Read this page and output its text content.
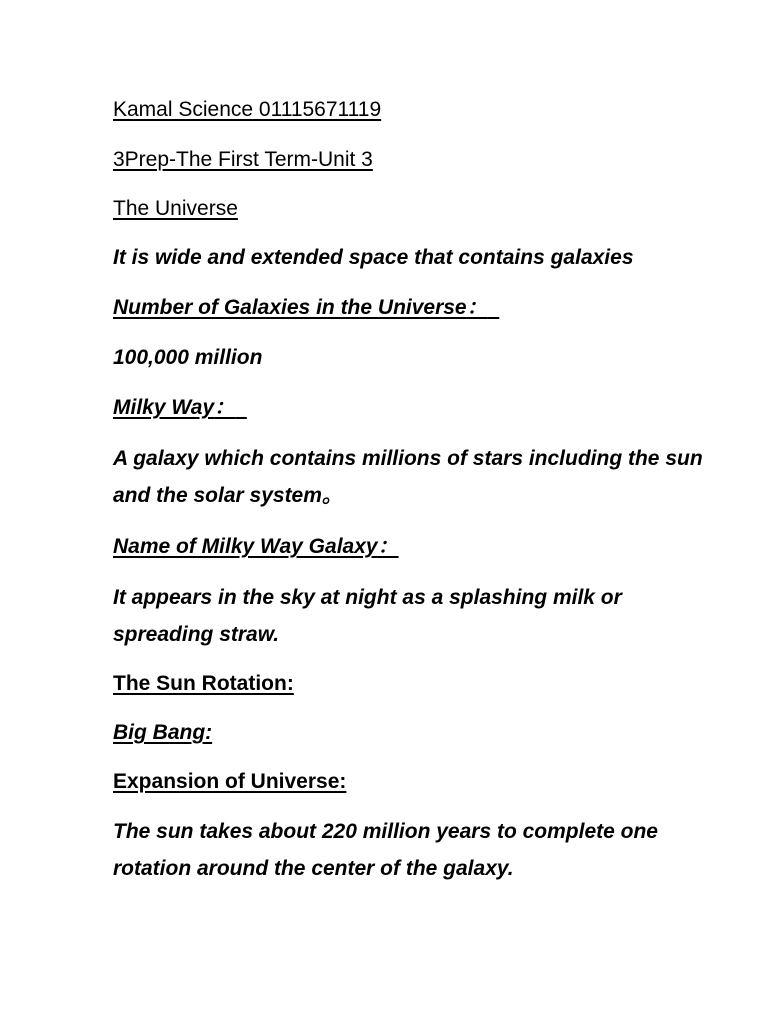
Kamal Science 01115671119

3Prep-The First Term-Unit 3

The Universe

It is wide and extended space that contains galaxies

Number of Galaxies in the Universe：

100,000 million

Milky Way：

A galaxy which contains millions of stars including the sun and the solar system。

Name of Milky Way Galaxy：

It appears in the sky at night as a splashing milk or spreading straw.

The Sun Rotation:

Big Bang:

Expansion of Universe:

The sun takes about 220 million years to complete one rotation around the center of the galaxy.
